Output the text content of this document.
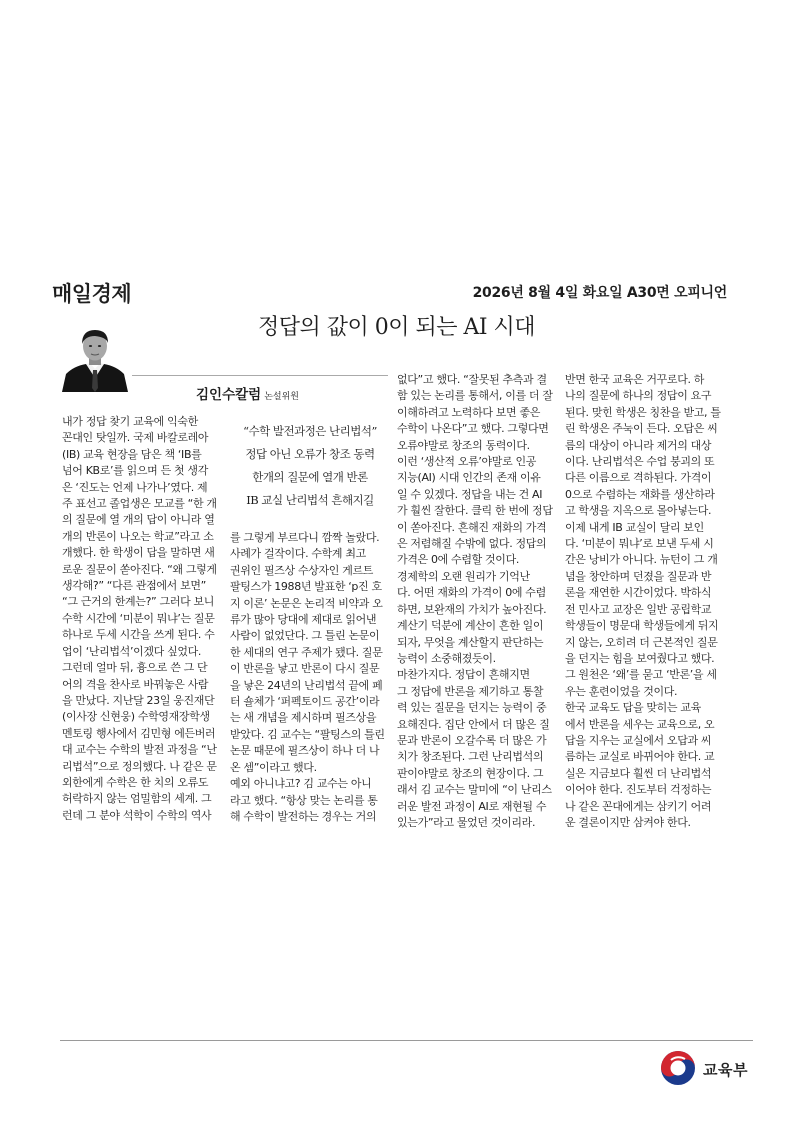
매일경제	2026년 8월 4일 화요일 A30면 오피니언
정답의 값이 0이 되는 AI 시대
김인수칼럼 논설위원
“수학 발전과정은 난리법석”
정답 아닌 오류가 창조 동력
한개의 질문에 열개 반론
IB 교실 난리법석 흔해지길
내가 정답 찾기 교육에 익숙한
꼰대인 탓일까. 국제 바칼로레아
(IB) 교육 현장을 담은 책 ‘IB를
넘어 KB로’를 읽으며 든 첫 생각
은 ‘진도는 언제 나가나’였다. 제
주 표선고 졸업생은 모교를 “한 개
의 질문에 열 개의 답이 아니라 열
개의 반론이 나오는 학교”라고 소
개했다. 한 학생이 답을 말하면 새
로운 질문이 쏟아진다. “왜 그렇게
생각해?” “다른 관점에서 보면”
“그 근거의 한계는?” 그러다 보니
수학 시간에 ‘미분이 뭐냐’는 질문
하나로 두세 시간을 쓰게 된다. 수
업이 ‘난리법석’이겠다 싶었다.
그런데 얼마 뒤, 흉으로 쓴 그 단
어의 격을 찬사로 바꿔놓은 사람
을 만났다. 지난달 23일 웅진재단
(이사장 신현웅) 수학영재장학생
멘토링 행사에서 김민형 에든버러
대 교수는 수학의 발전 과정을 “난
리법석”으로 정의했다. 나 같은 문
외한에게 수학은 한 치의 오류도
허락하지 않는 엄밀함의 세계. 그
런데 그 분야 석학이 수학의 역사
를 그렇게 부르다니 깜짝 놀랐다.
사례가 걸작이다. 수학계 최고
권위인 필즈상 수상자인 게르트
팔팅스가 1988년 발표한 ‘p진 호
지 이론’ 논문은 논리적 비약과 오
류가 많아 당대에 제대로 읽어낸
사람이 없었단다. 그 틀린 논문이
한 세대의 연구 주제가 됐다. 질문
이 반론을 낳고 반론이 다시 질문
을 낳은 24년의 난리법석 끝에 페
터 숄체가 ‘퍼펙토이드 공간’이라
는 새 개념을 제시하며 필즈상을
받았다. 김 교수는 “팔팅스의 틀린
논문 때문에 필즈상이 하나 더 나
온 셈”이라고 했다.
예외 아니냐고? 김 교수는 아니
라고 했다. “항상 맞는 논리를 통
해 수학이 발전하는 경우는 거의
없다”고 했다. “잘못된 추측과 결
함 있는 논리를 통해서, 이를 더 잘
이해하려고 노력하다 보면 좋은
수학이 나온다”고 했다. 그렇다면
오류야말로 창조의 동력이다.
이런 ‘생산적 오류’야말로 인공
지능(AI) 시대 인간의 존재 이유
일 수 있겠다. 정답을 내는 건 AI
가 훨씬 잘한다. 클릭 한 번에 정답
이 쏟아진다. 흔해진 재화의 가격
은 저렴해질 수밖에 없다. 정답의
가격은 0에 수렴할 것이다.
경제학의 오랜 원리가 기억난
다. 어떤 재화의 가격이 0에 수렴
하면, 보완재의 가치가 높아진다.
계산기 덕분에 계산이 흔한 일이
되자, 무엇을 계산할지 판단하는
능력이 소중해졌듯이.
마찬가지다. 정답이 흔해지면
그 정답에 반론을 제기하고 통찰
력 있는 질문을 던지는 능력이 중
요해진다. 집단 안에서 더 많은 질
문과 반론이 오갈수록 더 많은 가
치가 창조된다. 그런 난리법석의
판이야말로 창조의 현장이다. 그
래서 김 교수는 말미에 “이 난리스
러운 발전 과정이 AI로 재현될 수
있는가”라고 물었던 것이리라.
반면 한국 교육은 거꾸로다. 하
나의 질문에 하나의 정답이 요구
된다. 맞힌 학생은 칭찬을 받고, 틀
린 학생은 주눅이 든다. 오답은 씨
름의 대상이 아니라 제거의 대상
이다. 난리법석은 수업 붕괴의 또
다른 이름으로 격하된다. 가격이
0으로 수렴하는 재화를 생산하라
고 학생을 지옥으로 몰아넣는다.
이제 내게 IB 교실이 달리 보인
다. ‘미분이 뭐냐’로 보낸 두세 시
간은 낭비가 아니다. 뉴턴이 그 개
념을 창안하며 던졌을 질문과 반
론을 재연한 시간이었다. 박하식
전 민사고 교장은 일반 공립학교
학생들이 명문대 학생들에게 뒤지
지 않는, 오히려 더 근본적인 질문
을 던지는 힘을 보여줬다고 했다.
그 원천은 ‘왜’를 묻고 ‘반론’을 세
우는 훈련이었을 것이다.
한국 교육도 답을 맞히는 교육
에서 반론을 세우는 교육으로, 오
답을 지우는 교실에서 오답과 씨
름하는 교실로 바뀌어야 한다. 교
실은 지금보다 훨씬 더 난리법석
이어야 한다. 진도부터 걱정하는
나 같은 꼰대에게는 삼키기 어려
운 결론이지만 삼켜야 한다.
교육부
